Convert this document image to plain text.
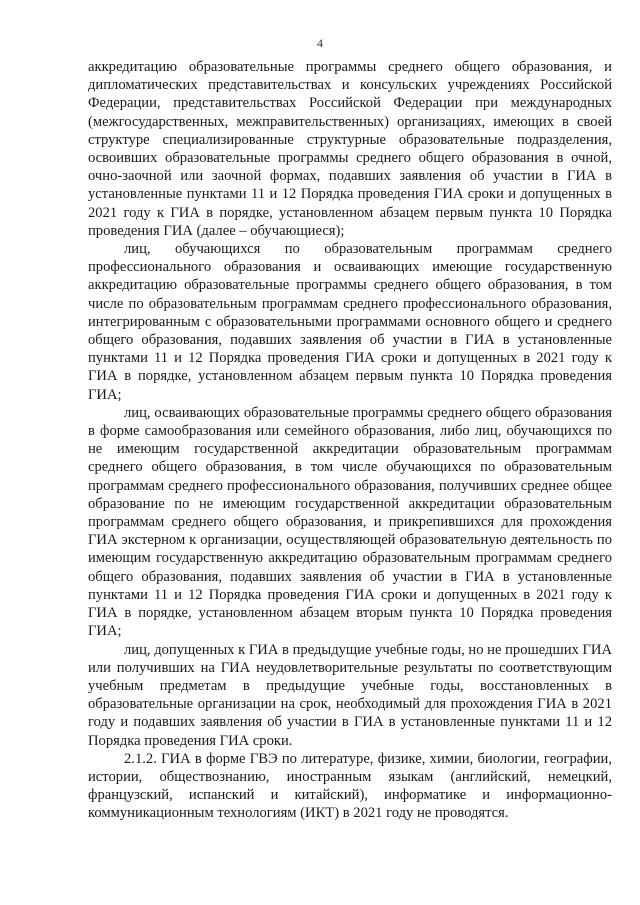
4

аккредитацию образовательные программы среднего общего образования, и дипломатических представительствах и консульских учреждениях Российской Федерации, представительствах Российской Федерации при международных (межгосударственных, межправительственных) организациях, имеющих в своей структуре специализированные структурные образовательные подразделения, освоивших образовательные программы среднего общего образования в очной, очно-заочной или заочной формах, подавших заявления об участии в ГИА в установленные пунктами 11 и 12 Порядка проведения ГИА сроки и допущенных в 2021 году к ГИА в порядке, установленном абзацем первым пункта 10 Порядка проведения ГИА (далее – обучающиеся);

лиц, обучающихся по образовательным программам среднего профессионального образования и осваивающих имеющие государственную аккредитацию образовательные программы среднего общего образования, в том числе по образовательным программам среднего профессионального образования, интегрированным с образовательными программами основного общего и среднего общего образования, подавших заявления об участии в ГИА в установленные пунктами 11 и 12 Порядка проведения ГИА сроки и допущенных в 2021 году к ГИА в порядке, установленном абзацем первым пункта 10 Порядка проведения ГИА;

лиц, осваивающих образовательные программы среднего общего образования в форме самообразования или семейного образования, либо лиц, обучающихся по не имеющим государственной аккредитации образовательным программам среднего общего образования, в том числе обучающихся по образовательным программам среднего профессионального образования, получивших среднее общее образование по не имеющим государственной аккредитации образовательным программам среднего общего образования, и прикрепившихся для прохождения ГИА экстерном к организации, осуществляющей образовательную деятельность по имеющим государственную аккредитацию образовательным программам среднего общего образования, подавших заявления об участии в ГИА в установленные пунктами 11 и 12 Порядка проведения ГИА сроки и допущенных в 2021 году к ГИА в порядке, установленном абзацем вторым пункта 10 Порядка проведения ГИА;

лиц, допущенных к ГИА в предыдущие учебные годы, но не прошедших ГИА или получивших на ГИА неудовлетворительные результаты по соответствующим учебным предметам в предыдущие учебные годы, восстановленных в образовательные организации на срок, необходимый для прохождения ГИА в 2021 году и подавших заявления об участии в ГИА в установленные пунктами 11 и 12 Порядка проведения ГИА сроки.

2.1.2. ГИА в форме ГВЭ по литературе, физике, химии, биологии, географии, истории, обществознанию, иностранным языкам (английский, немецкий, французский, испанский и китайский), информатике и информационно-коммуникационным технологиям (ИКТ) в 2021 году не проводятся.
